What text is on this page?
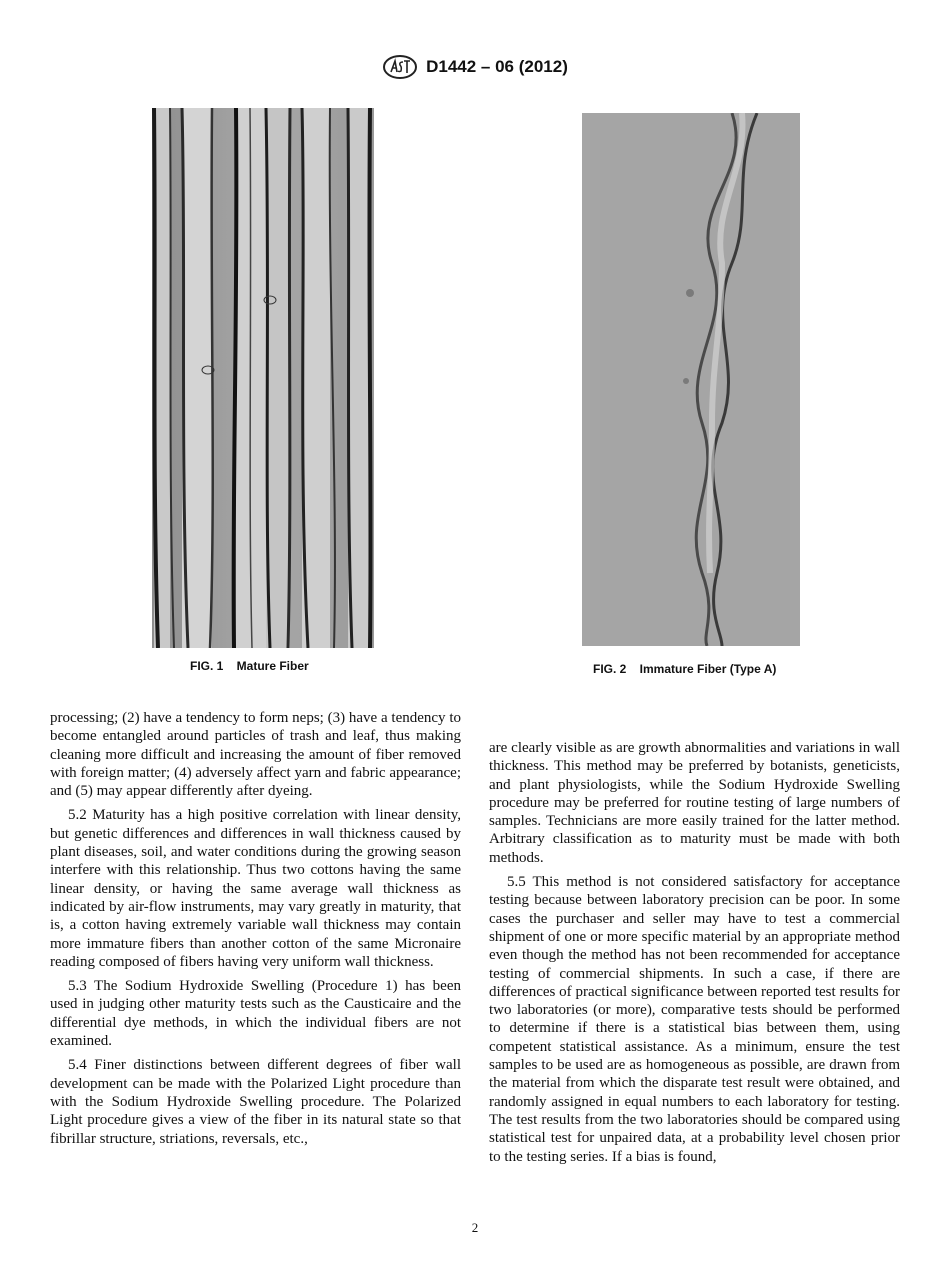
D1442 – 06 (2012)
FIG. 1    Mature Fiber	FIG. 2    Immature Fiber (Type A)

processing; (2) have a tendency to form neps; (3) have a tendency to become entangled around particles of trash and leaf, thus making cleaning more difficult and increasing the amount of fiber removed with foreign matter; (4) adversely affect yarn and fabric appearance; and (5) may appear differently after dyeing.

5.2 Maturity has a high positive correlation with linear density, but genetic differences and differences in wall thickness caused by plant diseases, soil, and water conditions during the growing season interfere with this relationship. Thus two cottons having the same linear density, or having the same average wall thickness as indicated by air-flow instruments, may vary greatly in maturity, that is, a cotton having extremely variable wall thickness may contain more immature fibers than another cotton of the same Micronaire reading composed of fibers having very uniform wall thickness.

5.3 The Sodium Hydroxide Swelling (Procedure 1) has been used in judging other maturity tests such as the Causticaire and the differential dye methods, in which the individual fibers are not examined.

5.4 Finer distinctions between different degrees of fiber wall development can be made with the Polarized Light procedure than with the Sodium Hydroxide Swelling procedure. The Polarized Light procedure gives a view of the fiber in its natural state so that fibrillar structure, striations, reversals, etc.,

are clearly visible as are growth abnormalities and variations in wall thickness. This method may be preferred by botanists, geneticists, and plant physiologists, while the Sodium Hydroxide Swelling procedure may be preferred for routine testing of large numbers of samples. Technicians are more easily trained for the latter method. Arbitrary classification as to maturity must be made with both methods.

5.5 This method is not considered satisfactory for acceptance testing because between laboratory precision can be poor. In some cases the purchaser and seller may have to test a commercial shipment of one or more specific material by an appropriate method even though the method has not been recommended for acceptance testing of commercial shipments. In such a case, if there are differences of practical significance between reported test results for two laboratories (or more), comparative tests should be performed to determine if there is a statistical bias between them, using competent statistical assistance. As a minimum, ensure the test samples to be used are as homogeneous as possible, are drawn from the material from which the disparate test result were obtained, and randomly assigned in equal numbers to each laboratory for testing. The test results from the two laboratories should be compared using statistical test for unpaired data, at a probability level chosen prior to the testing series. If a bias is found,

2
